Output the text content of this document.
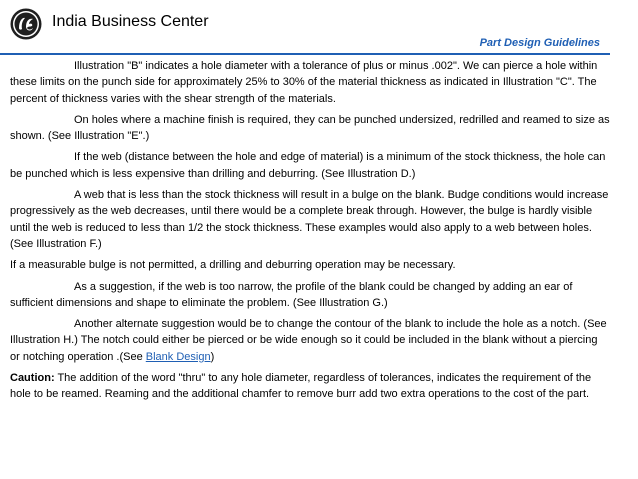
India Business Center
Part Design Guidelines

Illustration "B" indicates a hole diameter with a tolerance of plus or minus .002". We can pierce a hole within these limits on the punch side for approximately 25% to 30% of the material thickness as indicated in Illustration "C". The percent of thickness varies with the shear strength of the materials.

On holes where a machine finish is required, they can be punched undersized, redrilled and reamed to size as shown. (See Illustration "E".)

If the web (distance between the hole and edge of material) is a minimum of the stock thickness, the hole can be punched which is less expensive than drilling and deburring. (See Illustration D.)

A web that is less than the stock thickness will result in a bulge on the blank. Budge conditions would increase progressively as the web decreases, until there would be a complete break through. However, the bulge is hardly visible until the web is reduced to less than 1/2 the stock thickness. These examples would also apply to a web between holes. (See Illustration F.)

If a measurable bulge is not permitted, a drilling and deburring operation may be necessary.

As a suggestion, if the web is too narrow, the profile of the blank could be changed by adding an ear of sufficient dimensions and shape to eliminate the problem. (See Illustration G.)

Another alternate suggestion would be to change the contour of the blank to include the hole as a notch. (See Illustration H.) The notch could either be pierced or be wide enough so it could be included in the blank without a piercing or notching operation .(See Blank Design)

Caution: The addition of the word "thru" to any hole diameter, regardless of tolerances, indicates the requirement of the hole to be reamed. Reaming and the additional chamfer to remove burr add two extra operations to the cost of the part.
